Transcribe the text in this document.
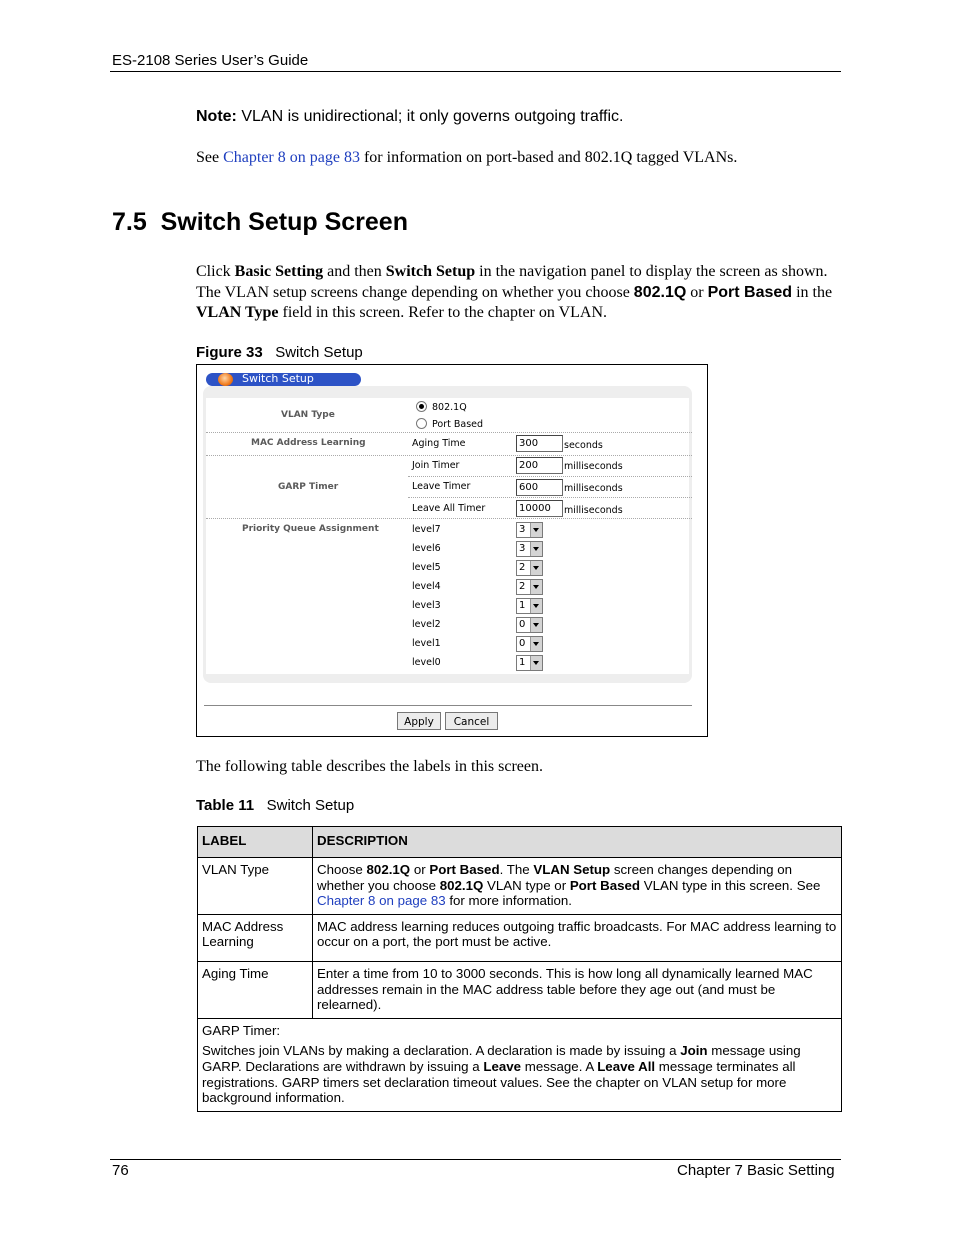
ES-2108 Series User’s Guide
Note: VLAN is unidirectional; it only governs outgoing traffic.
See Chapter 8 on page 83 for information on port-based and 802.1Q tagged VLANs.
7.5 Switch Setup Screen
Click Basic Setting and then Switch Setup in the navigation panel to display the screen as shown. The VLAN setup screens change depending on whether you choose 802.1Q or Port Based in the VLAN Type field in this screen. Refer to the chapter on VLAN.
Figure 33 Switch Setup
Switch Setup
VLAN Type
802.1Q
Port Based
MAC Address Learning	Aging Time	300	seconds
GARP Timer
Join Timer	200	milliseconds
Leave Timer	600	milliseconds
Leave All Timer	10000	milliseconds
Priority Queue Assignment	level7	3
level6	3
level5	2
level4	2
level3	1
level2	0
level1	0
level0	1
Apply	Cancel
The following table describes the labels in this screen.
Table 11 Switch Setup
LABEL	DESCRIPTION
VLAN Type	Choose 802.1Q or Port Based. The VLAN Setup screen changes depending on whether you choose 802.1Q VLAN type or Port Based VLAN type in this screen. See Chapter 8 on page 83 for more information.
MAC Address Learning	MAC address learning reduces outgoing traffic broadcasts. For MAC address learning to occur on a port, the port must be active.
Aging Time	Enter a time from 10 to 3000 seconds. This is how long all dynamically learned MAC addresses remain in the MAC address table before they age out (and must be relearned).

GARP Timer:

Switches join VLANs by making a declaration. A declaration is made by issuing a Join message using GARP. Declarations are withdrawn by issuing a Leave message. A Leave All message terminates all registrations. GARP timers set declaration timeout values. See the chapter on VLAN setup for more background information.	

76	Chapter 7 Basic Setting
